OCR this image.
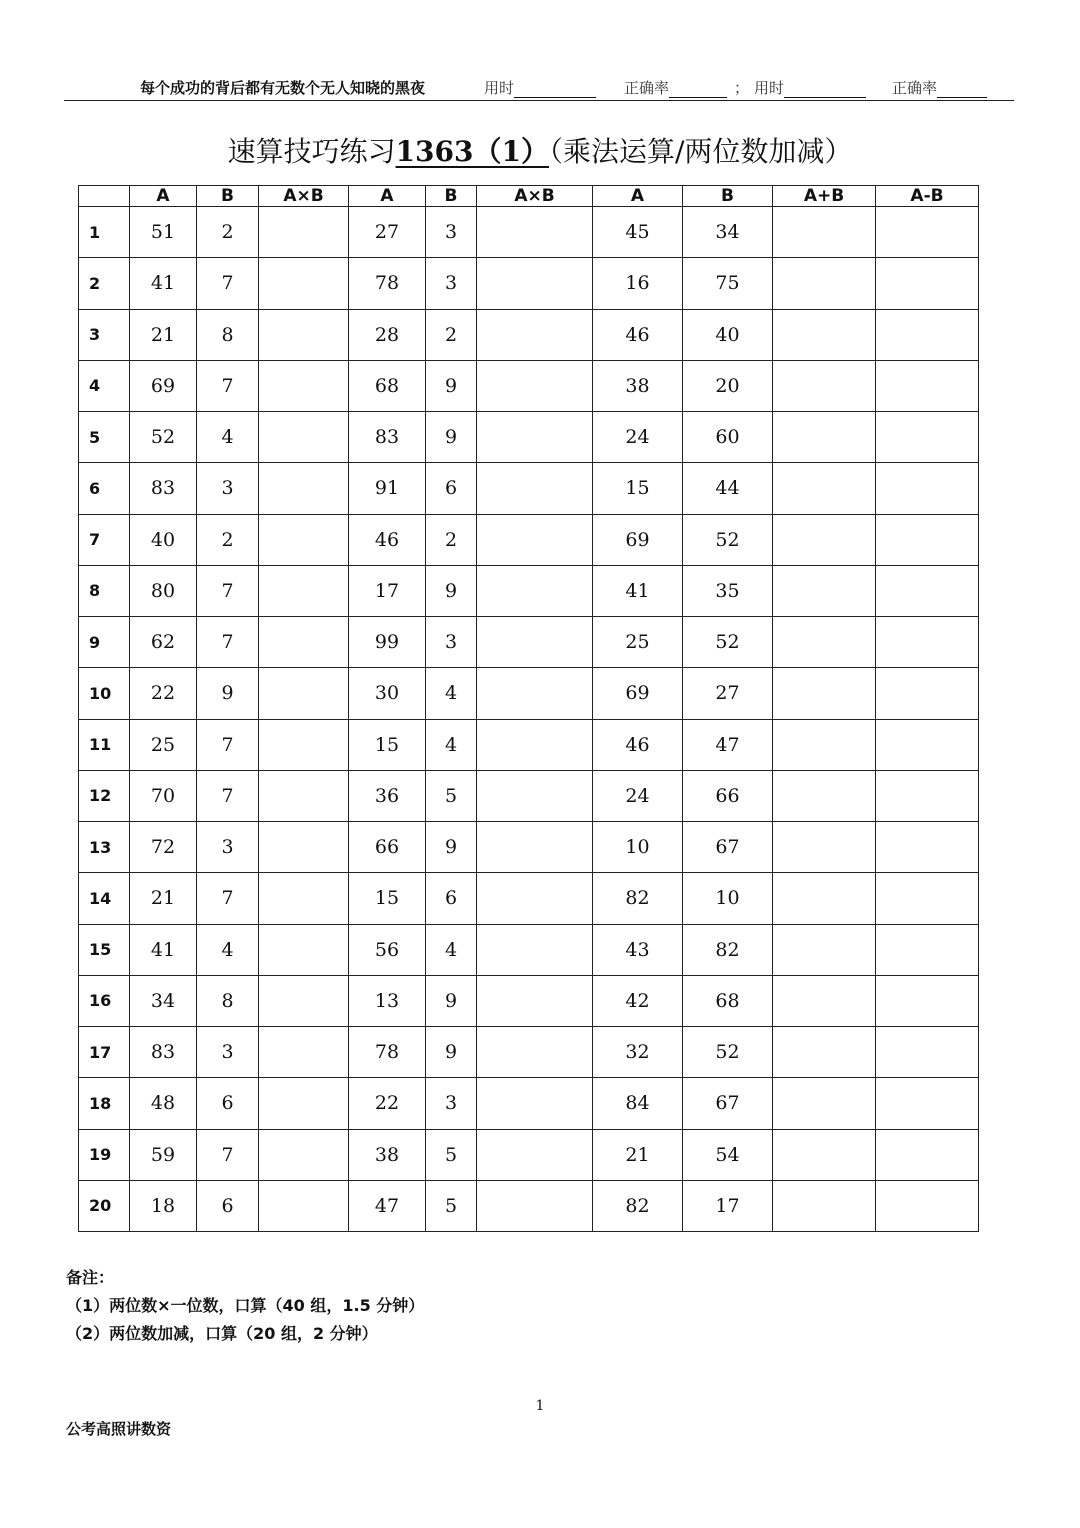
每个成功的背后都有无数个无人知晓的黑夜	用时	正确率	； 用时	正确率
速算技巧练习1363（1）（乘法运算/两位数加减）
	A	B	A×B	A	B	A×B	A	B	A+B	A-B
1	51	2		27	3		45	34		
2	41	7		78	3		16	75		
3	21	8		28	2		46	40		
4	69	7		68	9		38	20		
5	52	4		83	9		24	60		
6	83	3		91	6		15	44		
7	40	2		46	2		69	52		
8	80	7		17	9		41	35		
9	62	7		99	3		25	52		
10	22	9		30	4		69	27		
11	25	7		15	4		46	47		
12	70	7		36	5		24	66		
13	72	3		66	9		10	67		
14	21	7		15	6		82	10		
15	41	4		56	4		43	82		
16	34	8		13	9		42	68		
17	83	3		78	9		32	52		
18	48	6		22	3		84	67		
19	59	7		38	5		21	54		
20	18	6		47	5		82	17		
备注：
（1）两位数×一位数，口算（40 组，1.5 分钟）
（2）两位数加减，口算（20 组，2 分钟）
1
公考高照讲数资
